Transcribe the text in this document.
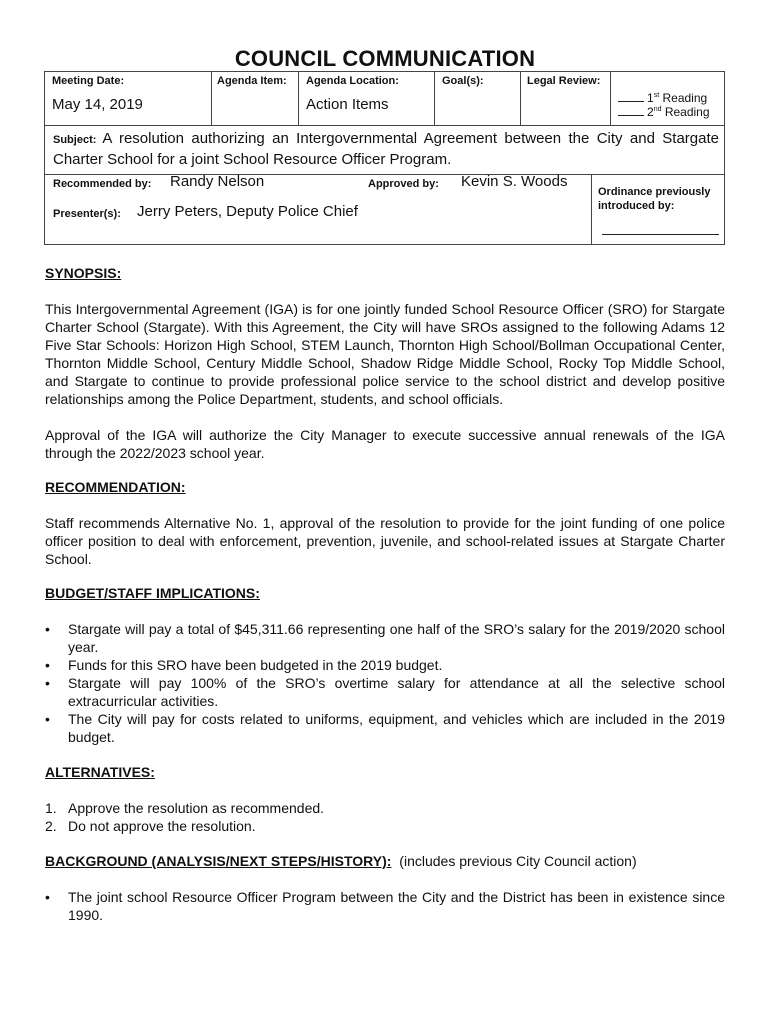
COUNCIL COMMUNICATION
Meeting Date:
May 14, 2019
Agenda Item: Agenda Location:
Action Items
Goal(s):	Legal Review:
1st Reading
2nd Reading
Subject: A resolution authorizing an Intergovernmental Agreement between the City and Stargate Charter School for a joint School Resource Officer Program.
Recommended by: Randy Nelson	Approved by: Kevin S. Woods
Presenter(s): Jerry Peters, Deputy Police Chief
Ordinance previously introduced by:
SYNOPSIS:

This Intergovernmental Agreement (IGA) is for one jointly funded School Resource Officer (SRO) for Stargate Charter School (Stargate). With this Agreement, the City will have SROs assigned to the following Adams 12 Five Star Schools: Horizon High School, STEM Launch, Thornton High School/Bollman Occupational Center, Thornton Middle School, Century Middle School, Shadow Ridge Middle School, Rocky Top Middle School, and Stargate to continue to provide professional police service to the school district and develop positive relationships among the Police Department, students, and school officials.

Approval of the IGA will authorize the City Manager to execute successive annual renewals of the IGA through the 2022/2023 school year.

RECOMMENDATION:

Staff recommends Alternative No. 1, approval of the resolution to provide for the joint funding of one police officer position to deal with enforcement, prevention, juvenile, and school-related issues at Stargate Charter School.

BUDGET/STAFF IMPLICATIONS:
• Stargate will pay a total of $45,311.66 representing one half of the SRO’s salary for the 2019/2020 school year.
• Funds for this SRO have been budgeted in the 2019 budget.
• Stargate will pay 100% of the SRO’s overtime salary for attendance at all the selective school extracurricular activities.
• The City will pay for costs related to uniforms, equipment, and vehicles which are included in the 2019 budget.
ALTERNATIVES:
1. Approve the resolution as recommended.
2. Do not approve the resolution.
BACKGROUND (ANALYSIS/NEXT STEPS/HISTORY): (includes previous City Council action)
• The joint school Resource Officer Program between the City and the District has been in existence since 1990.
